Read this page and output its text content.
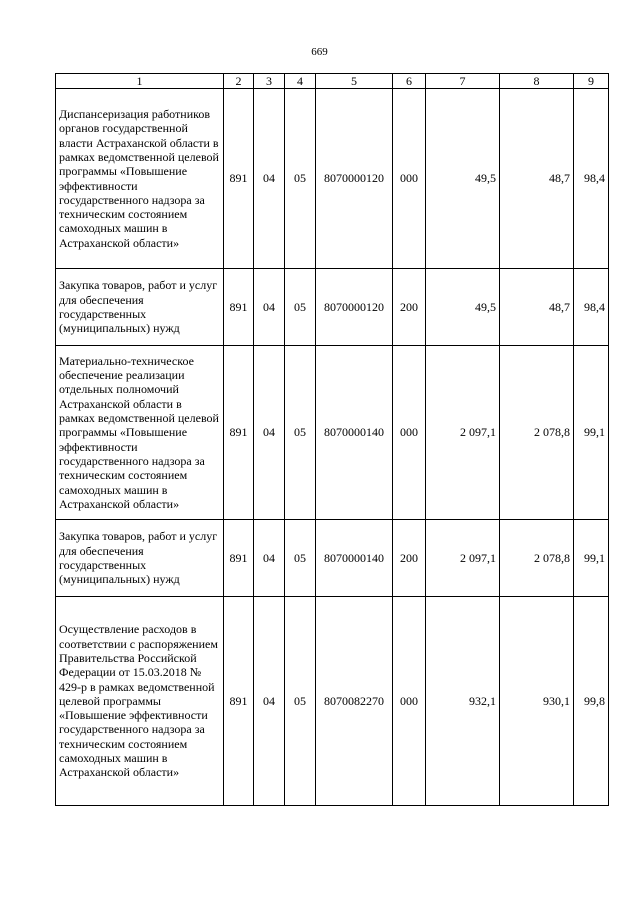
669
1	2	3	4	5	6	7	8	9
Диспансеризация работников органов государственной власти Астраханской области в рамках ведомственной целевой программы «Повышение эффективности государственного надзора за техническим состоянием самоходных машин в Астраханской области»	891	04	05	8070000120	000	49,5	48,7	98,4
Закупка товаров, работ и услуг для обеспечения государственных (муниципальных) нужд	891	04	05	8070000120	200	49,5	48,7	98,4
Материально-техническое обеспечение реализации отдельных полномочий Астраханской области в рамках ведомственной целевой программы «Повышение эффективности государственного надзора за техническим состоянием самоходных машин в Астраханской области»	891	04	05	8070000140	000	2 097,1	2 078,8	99,1
Закупка товаров, работ и услуг для обеспечения государственных (муниципальных) нужд	891	04	05	8070000140	200	2 097,1	2 078,8	99,1
Осуществление расходов в соответствии с распоряжением Правительства Российской Федерации от 15.03.2018 № 429-р в рамках ведомственной целевой программы «Повышение эффективности государственного надзора за техническим состоянием самоходных машин в Астраханской области»	891	04	05	8070082270	000	932,1	930,1	99,8
